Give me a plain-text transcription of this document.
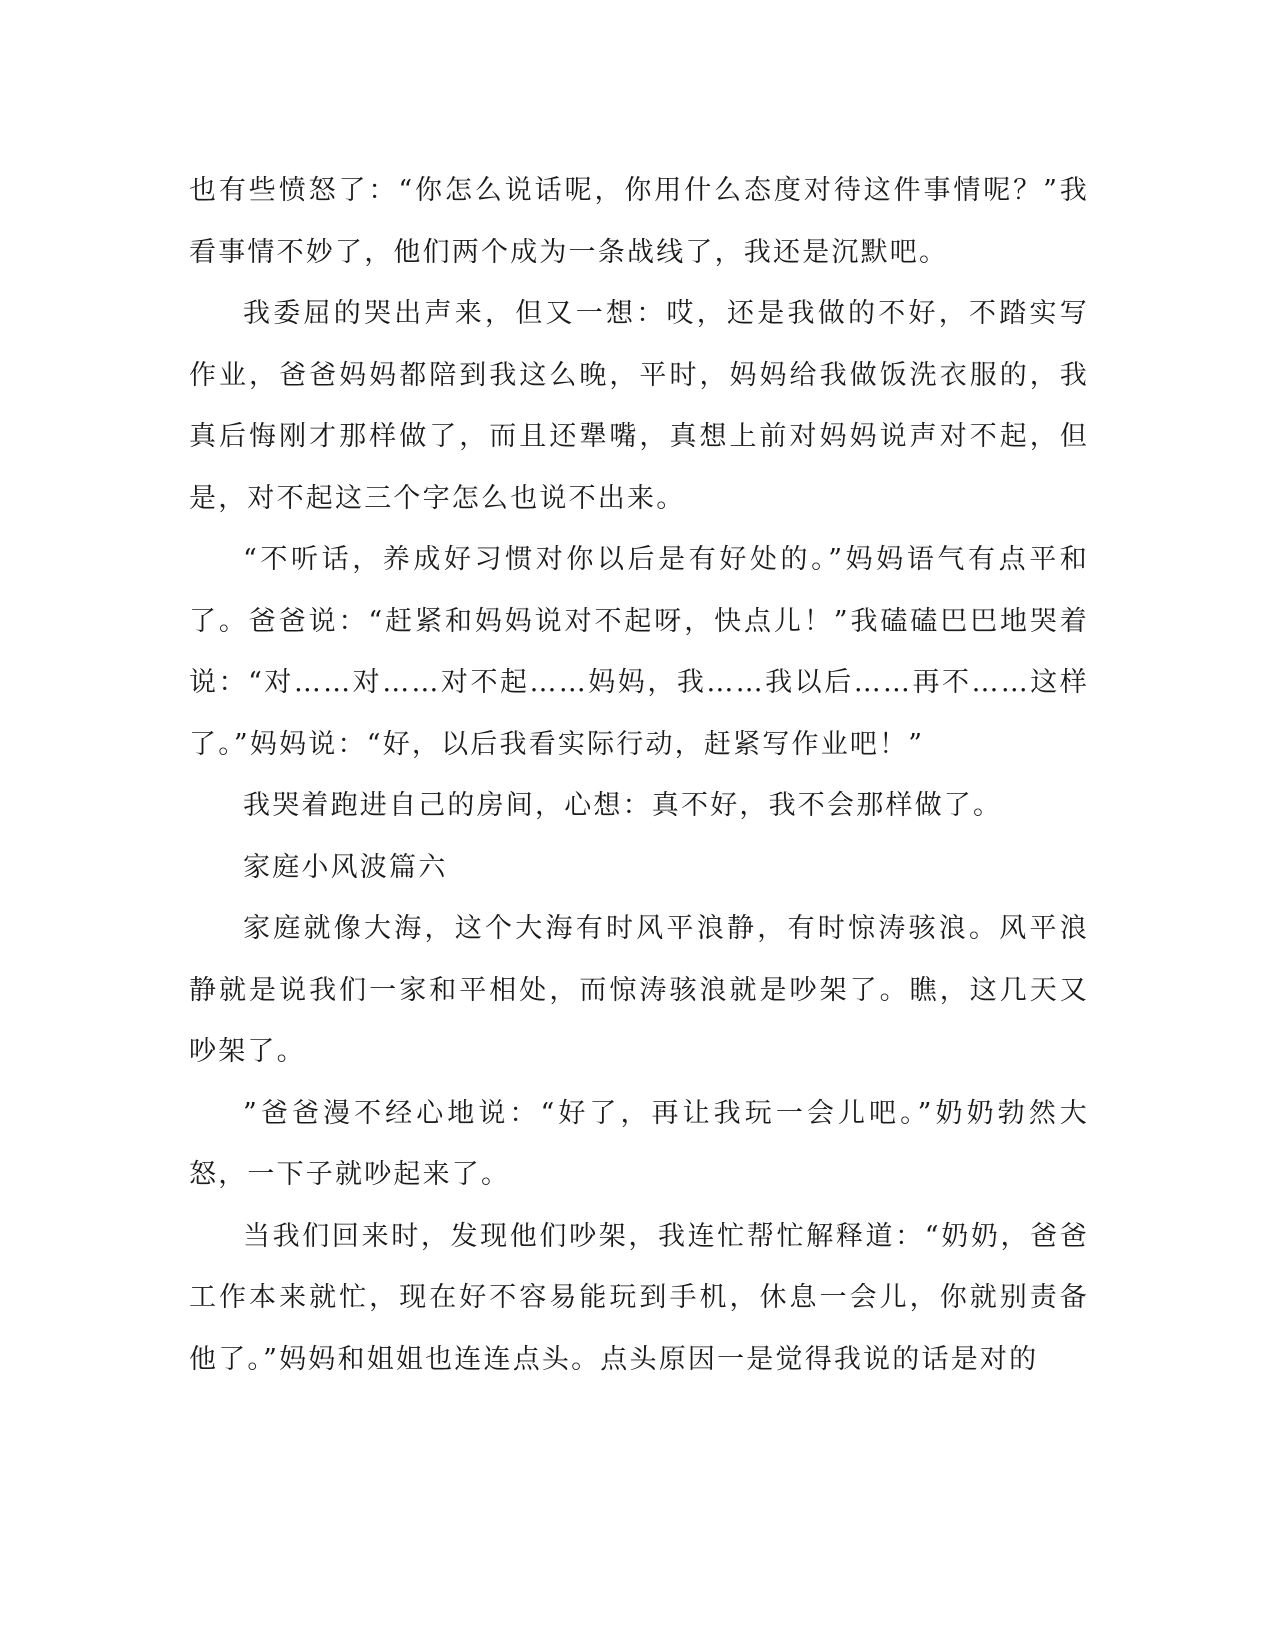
也有些愤怒了：“你怎么说话呢，你用什么态度对待这件事情呢？”我看事情不妙了，他们两个成为一条战线了，我还是沉默吧。

我委屈的哭出声来，但又一想：哎，还是我做的不好，不踏实写作业，爸爸妈妈都陪到我这么晚，平时，妈妈给我做饭洗衣服的，我真后悔刚才那样做了，而且还犟嘴，真想上前对妈妈说声对不起，但是，对不起这三个字怎么也说不出来。

“不听话，养成好习惯对你以后是有好处的。”妈妈语气有点平和了。爸爸说：“赶紧和妈妈说对不起呀，快点儿！”我磕磕巴巴地哭着说：“对……对……对不起……妈妈，我……我以后……再不……这样了。”妈妈说：“好，以后我看实际行动，赶紧写作业吧！”

我哭着跑进自己的房间，心想：真不好，我不会那样做了。

家庭小风波篇六

家庭就像大海，这个大海有时风平浪静，有时惊涛骇浪。风平浪静就是说我们一家和平相处，而惊涛骇浪就是吵架了。瞧，这几天又吵架了。

”爸爸漫不经心地说：“好了，再让我玩一会儿吧。”奶奶勃然大怒，一下子就吵起来了。

当我们回来时，发现他们吵架，我连忙帮忙解释道：“奶奶，爸爸工作本来就忙，现在好不容易能玩到手机，休息一会儿，你就别责备他了。”妈妈和姐姐也连连点头。点头原因一是觉得我说的话是对的
